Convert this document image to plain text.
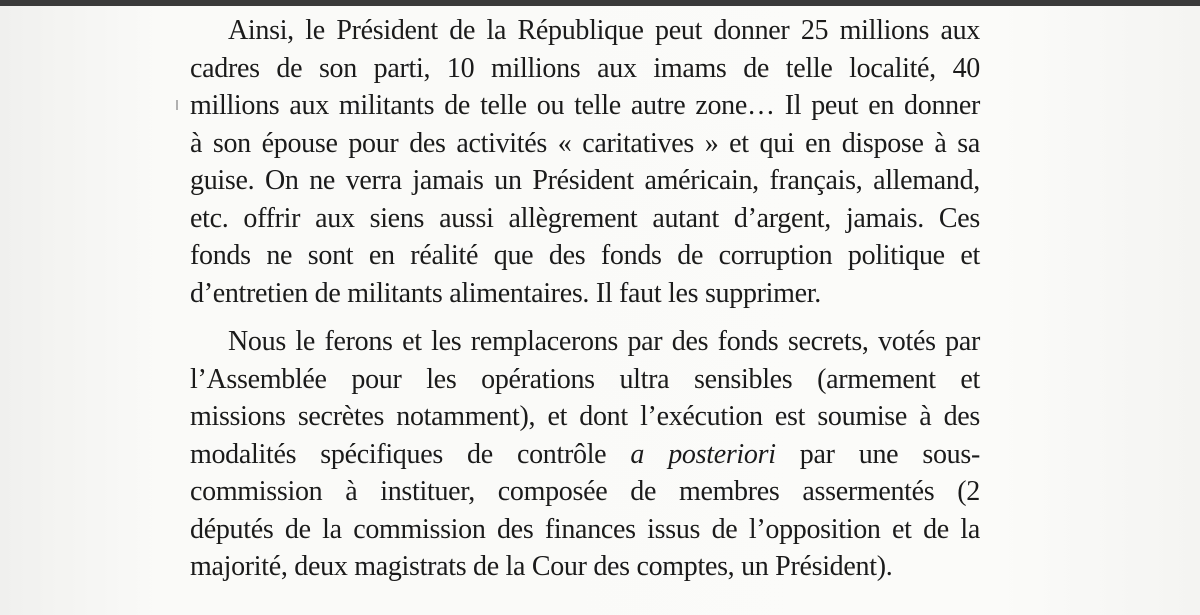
Ainsi, le Président de la République peut donner 25 millions aux
cadres de son parti, 10 millions aux imams de telle localité, 40
millions aux militants de telle ou telle autre zone… Il peut en donner
à son épouse pour des activités « caritatives » et qui en dispose à sa
guise. On ne verra jamais un Président américain, français, allemand,
etc. offrir aux siens aussi allègrement autant d’argent, jamais. Ces
fonds ne sont en réalité que des fonds de corruption politique et
d’entretien de militants alimentaires. Il faut les supprimer.

Nous le ferons et les remplacerons par des fonds secrets, votés par
l’Assemblée pour les opérations ultra sensibles (armement et
missions secrètes notamment), et dont l’exécution est soumise à des
modalités spécifiques de contrôle a posteriori par une sous-
commission à instituer, composée de membres assermentés (2
députés de la commission des finances issus de l’opposition et de la
majorité, deux magistrats de la Cour des comptes, un Président).
